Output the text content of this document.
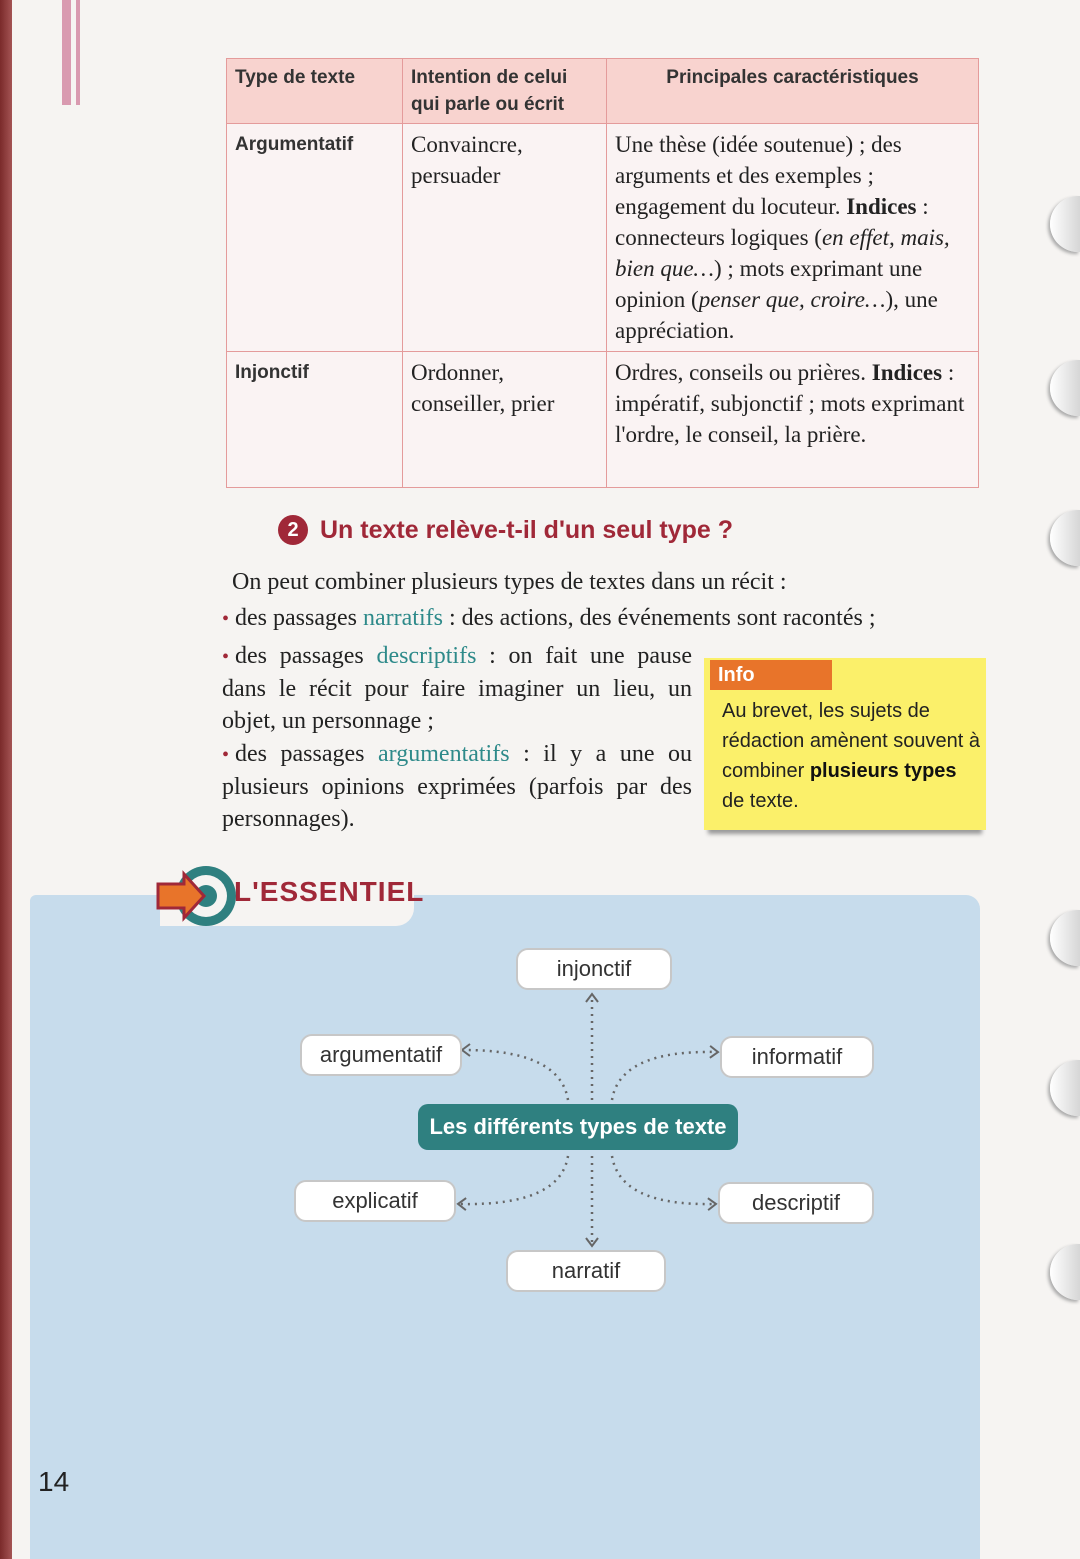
Type de texte	Intention de celui qui parle ou écrit	Principales caractéristiques
Argumentatif	Convaincre, persuader	Une thèse (idée soutenue) ; des arguments et des exemples ; engagement du locuteur. Indices : connecteurs logiques (en effet, mais, bien que…) ; mots exprimant une opinion (penser que, croire…), une appréciation.
Injonctif	Ordonner, conseiller, prier	Ordres, conseils ou prières. Indices : impératif, subjonctif ; mots exprimant l'ordre, le conseil, la prière.
2 Un texte relève-t-il d'un seul type ?
On peut combiner plusieurs types de textes dans un récit :
• des passages narratifs : des actions, des événements sont racontés ;
• des passages descriptifs : on fait une pause dans le récit pour faire imaginer un lieu, un objet, un personnage ;
• des passages argumentatifs : il y a une ou plusieurs opinions exprimées (parfois par des personnages).
Info
Au brevet, les sujets de rédaction amènent souvent à combiner plusieurs types de texte.
L'ESSENTIEL
injonctif
argumentatif	informatif
Les différents types de texte
explicatif	descriptif
narratif
14
